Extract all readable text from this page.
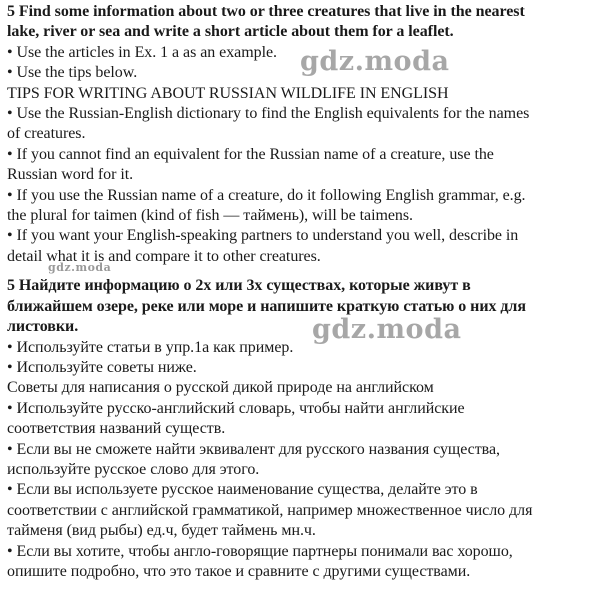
5 Find some information about two or three creatures that live in the nearest
lake, river or sea and write a short article about them for a leaflet.
• Use the articles in Ex. 1 a as an example.
• Use the tips below.
TIPS FOR WRITING ABOUT RUSSIAN WILDLIFE IN ENGLISH
• Use the Russian-English dictionary to find the English equivalents for the names
of creatures.
• If you cannot find an equivalent for the Russian name of a creature, use the
Russian word for it.
• If you use the Russian name of a creature, do it following English grammar, e.g.
the plural for taimen (kind of fish — таймень), will be taimens.
• If you want your English-speaking partners to understand you well, describe in
detail what it is and compare it to other creatures.
5 Найдите информацию о 2х или 3х существах, которые живут в
ближайшем озере, реке или море и напишите краткую статью о них для
листовки.
• Используйте статьи в упр.1а как пример.
• Используйте советы ниже.
Советы для написания о русской дикой природе на английском
• Используйте русско-английский словарь, чтобы найти английские
соответствия названий существ.
• Если вы не сможете найти эквивалент для русского названия существа,
используйте русское слово для этого.
• Если вы используете русское наименование существа, делайте это в
соответствии с английской грамматикой, например множественное число для
тайменя (вид рыбы) ед.ч, будет таймень мн.ч.
• Если вы хотите, чтобы англо-говорящие партнеры понимали вас хорошо,
опишите подробно, что это такое и сравните с другими существами.
gdz.moda
gdz.moda
gdz.moda
